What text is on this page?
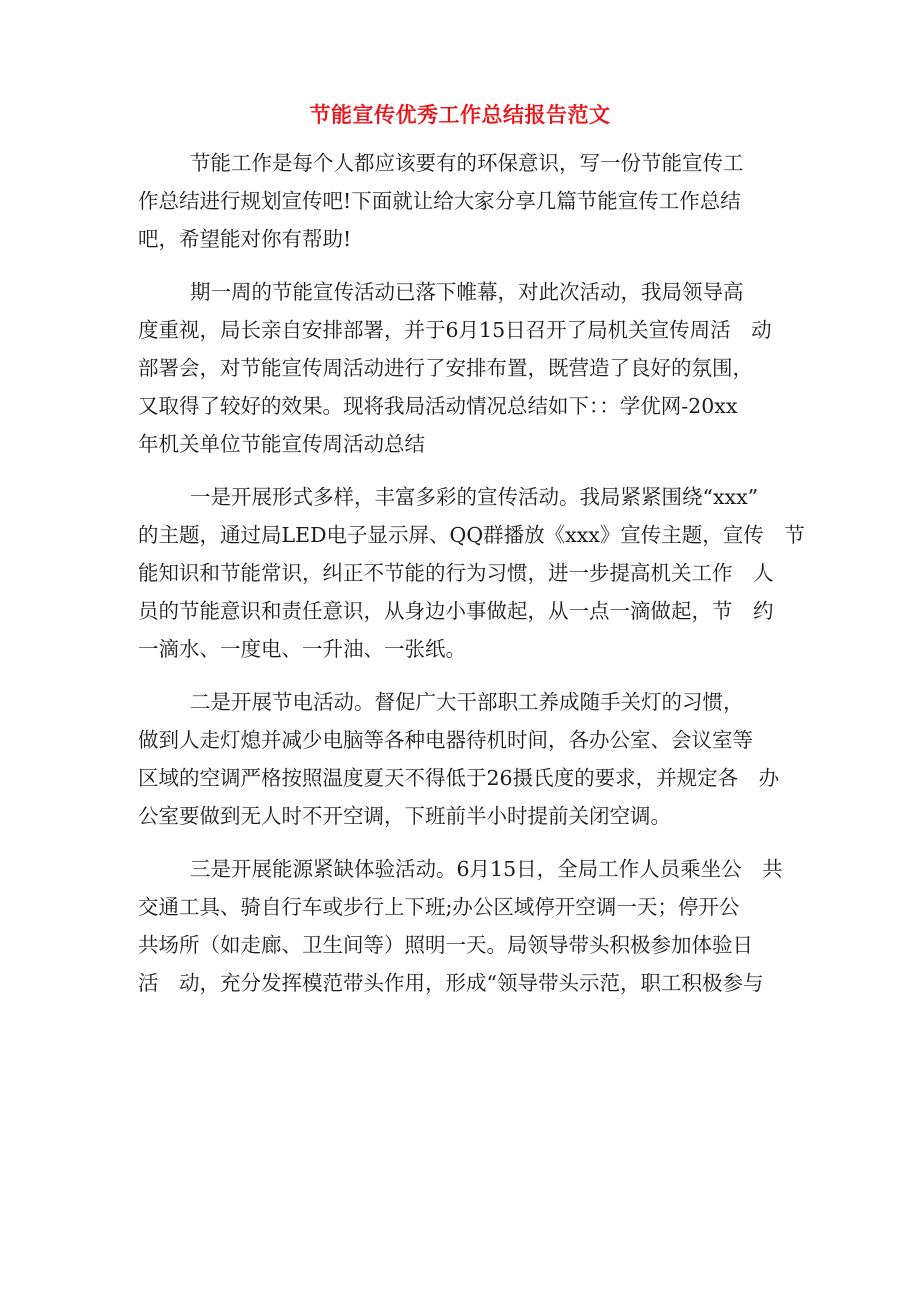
节能宣传优秀工作总结报告范文
节能工作是每个人都应该要有的环保意识，写一份节能宣传工
作总结进行规划宣传吧!下面就让给大家分享几篇节能宣传工作总结
吧，希望能对你有帮助!
期一周的节能宣传活动已落下帷幕，对此次活动，我局领导高
度重视，局长亲自安排部署，并于6月15日召开了局机关宣传周活　动
部署会，对节能宣传周活动进行了安排布置，既营造了良好的氛围，
又取得了较好的效果。现将我局活动情况总结如下：：学优网-20xx
年机关单位节能宣传周活动总结
一是开展形式多样，丰富多彩的宣传活动。我局紧紧围绕“xxx”
的主题，通过局LED电子显示屏、QQ群播放《xxx》宣传主题，宣传　节
能知识和节能常识，纠正不节能的行为习惯，进一步提高机关工作　人
员的节能意识和责任意识，从身边小事做起，从一点一滴做起，节　约
一滴水、一度电、一升油、一张纸。
二是开展节电活动。督促广大干部职工养成随手关灯的习惯，
做到人走灯熄并减少电脑等各种电器待机时间，各办公室、会议室等
区域的空调严格按照温度夏天不得低于26摄氏度的要求，并规定各　办
公室要做到无人时不开空调，下班前半小时提前关闭空调。
三是开展能源紧缺体验活动。6月15日，全局工作人员乘坐公　共
交通工具、骑自行车或步行上下班;办公区域停开空调一天；停开公
共场所（如走廊、卫生间等）照明一天。局领导带头积极参加体验日
活　动，充分发挥模范带头作用，形成“领导带头示范，职工积极参与
